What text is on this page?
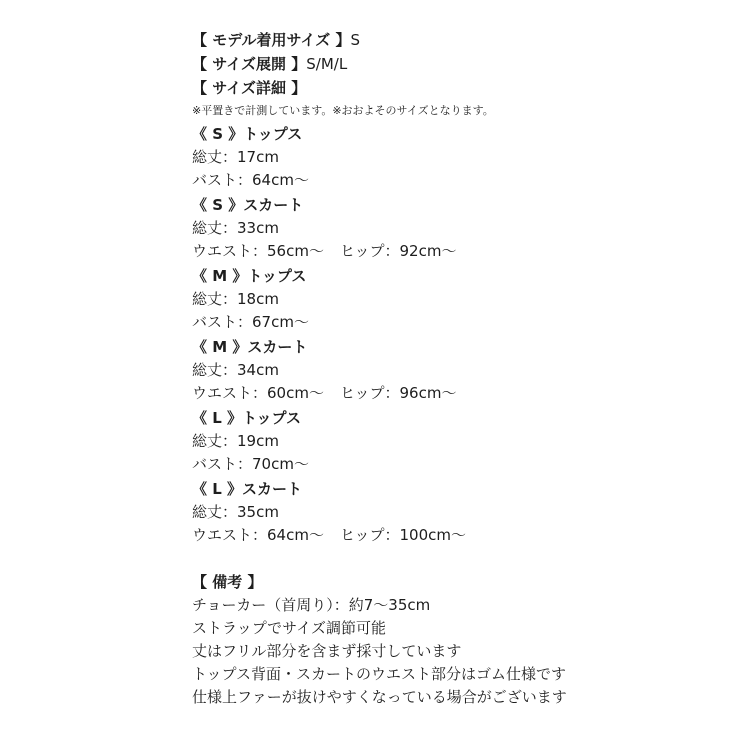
【 モデル着用サイズ 】S
【 サイズ展開 】S/M/L
【 サイズ詳細 】
※平置きで計測しています。※おおよそのサイズとなります。
《 S 》トップス
総丈：17cm
バスト：64cm〜
《 S 》スカート
総丈：33cm
ウエスト：56cm〜 ヒップ：92cm〜
《 M 》トップス
総丈：18cm
バスト：67cm〜
《 M 》スカート
総丈：34cm
ウエスト：60cm〜 ヒップ：96cm〜
《 L 》トップス
総丈：19cm
バスト：70cm〜
《 L 》スカート
総丈：35cm
ウエスト：64cm〜 ヒップ：100cm〜
【 備考 】
チョーカー（首周り）：約7〜35cm
ストラップでサイズ調節可能
丈はフリル部分を含まず採寸しています
トップス背面・スカートのウエスト部分はゴム仕様です
仕様上ファーが抜けやすくなっている場合がございます
